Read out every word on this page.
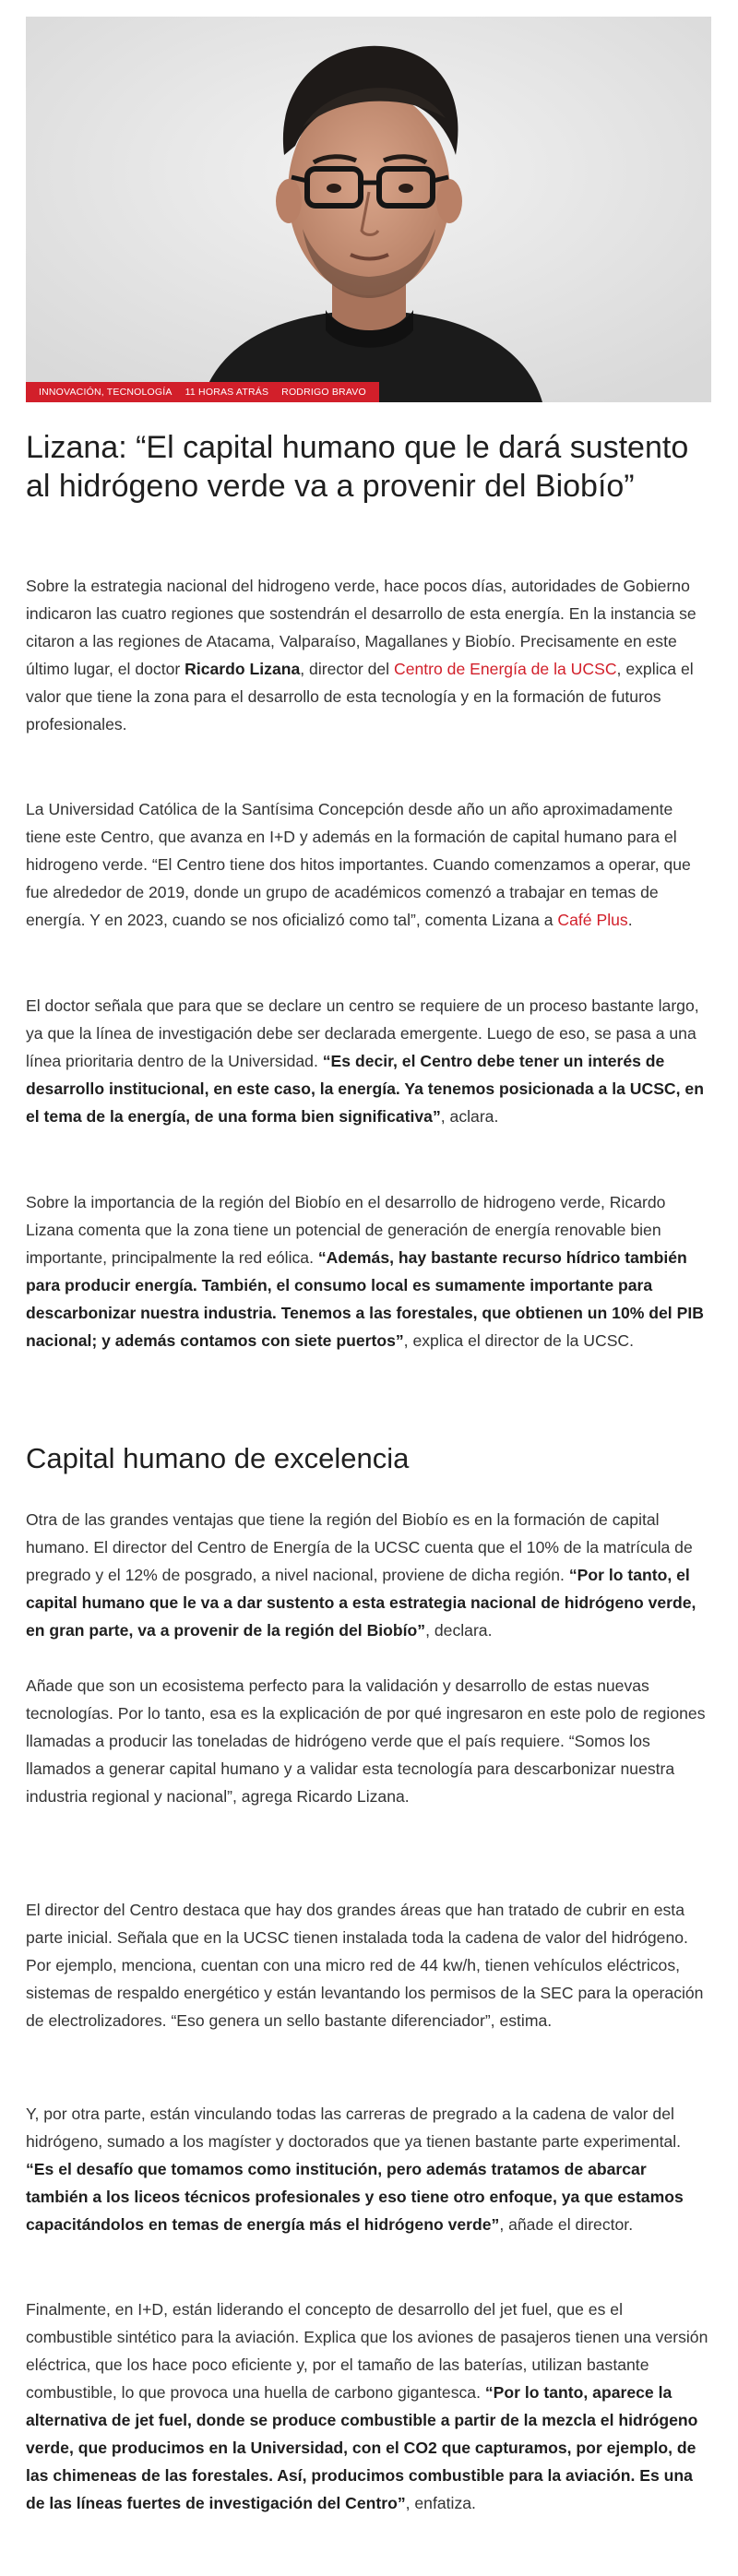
INNOVACIÓN, TECNOLOGÍA 11 HORAS ATRÁS RODRIGO BRAVO
Lizana: “El capital humano que le dará sustento al hidrógeno verde va a provenir del Biobío”

Sobre la estrategia nacional del hidrogeno verde, hace pocos días, autoridades de Gobierno indicaron las cuatro regiones que sostendrán el desarrollo de esta energía. En la instancia se citaron a las regiones de Atacama, Valparaíso, Magallanes y Biobío. Precisamente en este último lugar, el doctor Ricardo Lizana, director del Centro de Energía de la UCSC, explica el valor que tiene la zona para el desarrollo de esta tecnología y en la formación de futuros profesionales.

La Universidad Católica de la Santísima Concepción desde año un año aproximadamente tiene este Centro, que avanza en I+D y además en la formación de capital humano para el hidrogeno verde. “El Centro tiene dos hitos importantes. Cuando comenzamos a operar, que fue alrededor de 2019, donde un grupo de académicos comenzó a trabajar en temas de energía. Y en 2023, cuando se nos oficializó como tal”, comenta Lizana a Café Plus.

El doctor señala que para que se declare un centro se requiere de un proceso bastante largo, ya que la línea de investigación debe ser declarada emergente. Luego de eso, se pasa a una línea prioritaria dentro de la Universidad. “Es decir, el Centro debe tener un interés de desarrollo institucional, en este caso, la energía. Ya tenemos posicionada a la UCSC, en el tema de la energía, de una forma bien significativa”, aclara.

Sobre la importancia de la región del Biobío en el desarrollo de hidrogeno verde, Ricardo Lizana comenta que la zona tiene un potencial de generación de energía renovable bien importante, principalmente la red eólica. “Además, hay bastante recurso hídrico también para producir energía. También, el consumo local es sumamente importante para descarbonizar nuestra industria. Tenemos a las forestales, que obtienen un 10% del PIB nacional; y además contamos con siete puertos”, explica el director de la UCSC.

Capital humano de excelencia

Otra de las grandes ventajas que tiene la región del Biobío es en la formación de capital humano. El director del Centro de Energía de la UCSC cuenta que el 10% de la matrícula de pregrado y el 12% de posgrado, a nivel nacional, proviene de dicha región. “Por lo tanto, el capital humano que le va a dar sustento a esta estrategia nacional de hidrógeno verde, en gran parte, va a provenir de la región del Biobío”, declara.

Añade que son un ecosistema perfecto para la validación y desarrollo de estas nuevas tecnologías. Por lo tanto, esa es la explicación de por qué ingresaron en este polo de regiones llamadas a producir las toneladas de hidrógeno verde que el país requiere. “Somos los llamados a generar capital humano y a validar esta tecnología para descarbonizar nuestra industria regional y nacional”, agrega Ricardo Lizana.

El director del Centro destaca que hay dos grandes áreas que han tratado de cubrir en esta parte inicial. Señala que en la UCSC tienen instalada toda la cadena de valor del hidrógeno. Por ejemplo, menciona, cuentan con una micro red de 44 kw/h, tienen vehículos eléctricos, sistemas de respaldo energético y están levantando los permisos de la SEC para la operación de electrolizadores. “Eso genera un sello bastante diferenciador”, estima.

Y, por otra parte, están vinculando todas las carreras de pregrado a la cadena de valor del hidrógeno, sumado a los magíster y doctorados que ya tienen bastante parte experimental. “Es el desafío que tomamos como institución, pero además tratamos de abarcar también a los liceos técnicos profesionales y eso tiene otro enfoque, ya que estamos capacitándolos en temas de energía más el hidrógeno verde”, añade el director.

Finalmente, en I+D, están liderando el concepto de desarrollo del jet fuel, que es el combustible sintético para la aviación. Explica que los aviones de pasajeros tienen una versión eléctrica, que los hace poco eficiente y, por el tamaño de las baterías, utilizan bastante combustible, lo que provoca una huella de carbono gigantesca. “Por lo tanto, aparece la alternativa de jet fuel, donde se produce combustible a partir de la mezcla el hidrógeno verde, que producimos en la Universidad, con el CO2 que capturamos, por ejemplo, de las chimeneas de las forestales. Así, producimos combustible para la aviación. Es una de las líneas fuertes de investigación del Centro”, enfatiza.
